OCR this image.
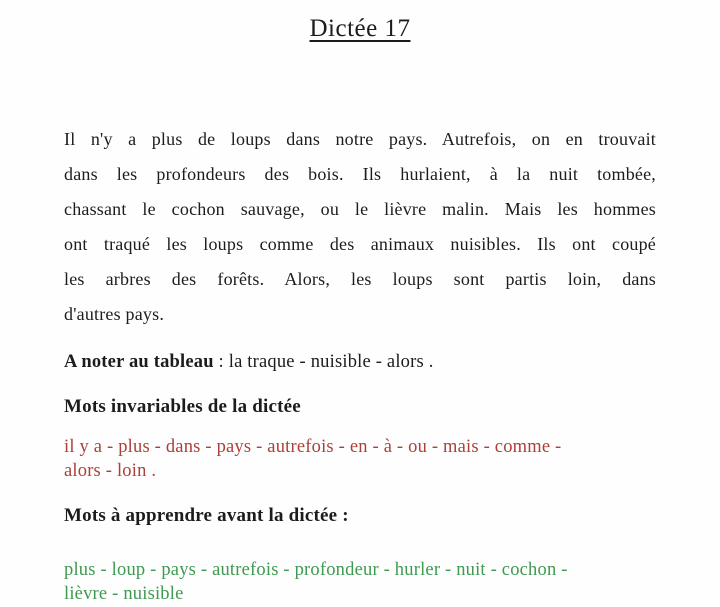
Dictée 17
Il n'y a plus de loups dans notre pays. Autrefois, on en trouvait
dans les profondeurs des bois. Ils hurlaient, à la nuit tombée,
chassant le cochon sauvage, ou le lièvre malin. Mais les hommes
ont traqué les loups comme des animaux nuisibles. Ils ont coupé
les arbres des forêts. Alors, les loups sont partis loin, dans
d'autres pays.

A noter au tableau : la traque - nuisible - alors .

Mots invariables de la dictée
il y a - plus - dans - pays - autrefois - en - à - ou - mais - comme -
alors - loin .
Mots à apprendre avant la dictée :
plus - loup - pays - autrefois - profondeur - hurler - nuit - cochon -
lièvre - nuisible
